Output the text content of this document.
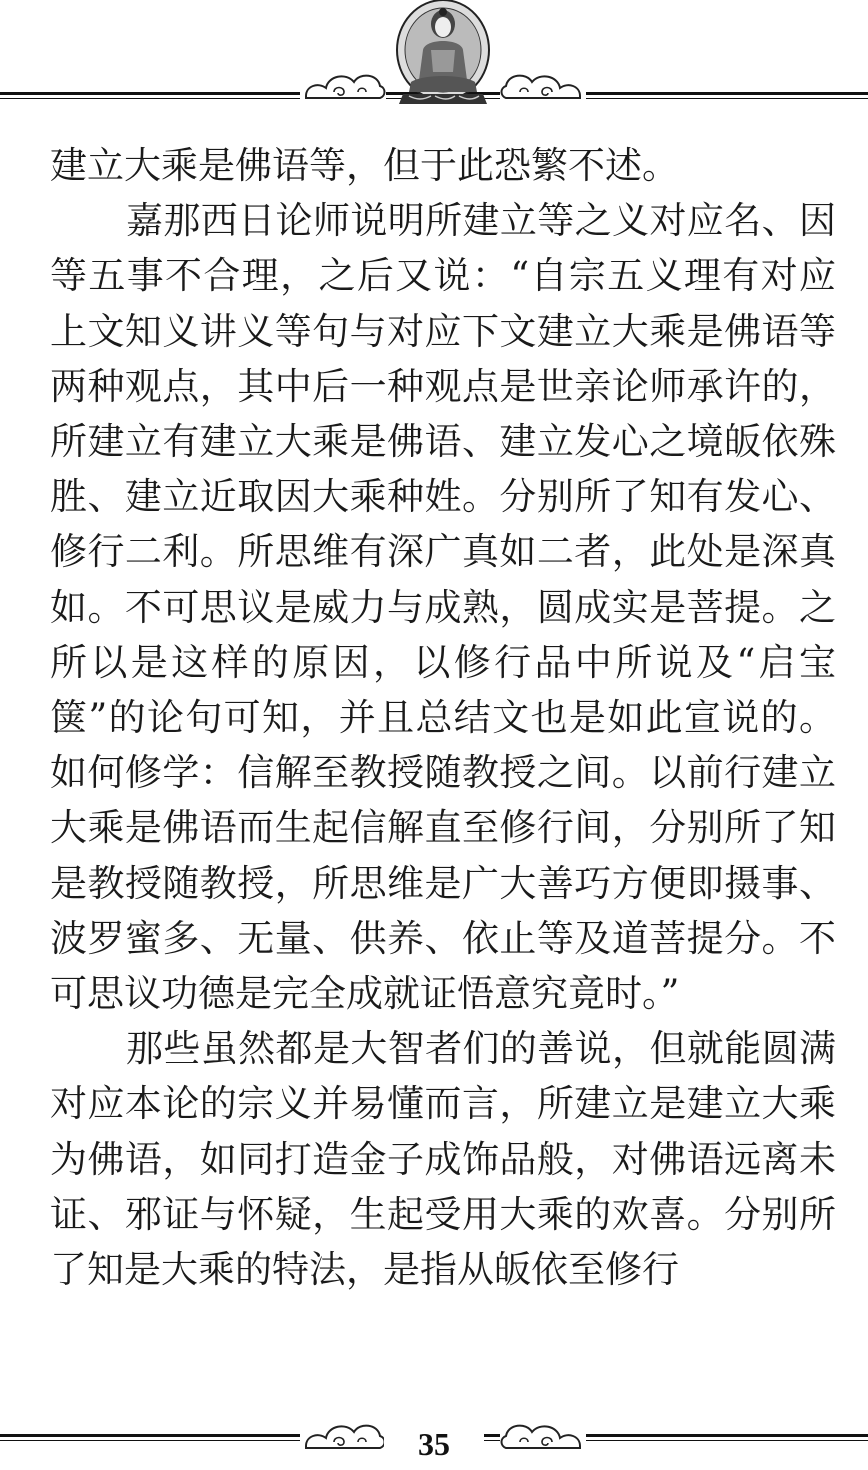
建立大乘是佛语等，但于此恐繁不述。

嘉那西日论师说明所建立等之义对应名、因等五事不合理，之后又说：“自宗五义理有对应上文知义讲义等句与对应下文建立大乘是佛语等两种观点，其中后一种观点是世亲论师承许的，所建立有建立大乘是佛语、建立发心之境皈依殊胜、建立近取因大乘种姓。分别所了知有发心、修行二利。所思维有深广真如二者，此处是深真如。不可思议是威力与成熟，圆成实是菩提。之所以是这样的原因，以修行品中所说及“启宝箧”的论句可知，并且总结文也是如此宣说的。如何修学：信解至教授随教授之间。以前行建立大乘是佛语而生起信解直至修行间，分别所了知是教授随教授，所思维是广大善巧方便即摄事、波罗蜜多、无量、供养、依止等及道菩提分。不可思议功德是完全成就证悟意究竟时。”

那些虽然都是大智者们的善说，但就能圆满对应本论的宗义并易懂而言，所建立是建立大乘为佛语，如同打造金子成饰品般，对佛语远离未证、邪证与怀疑，生起受用大乘的欢喜。分别所了知是大乘的特法，是指从皈依至修行

35
